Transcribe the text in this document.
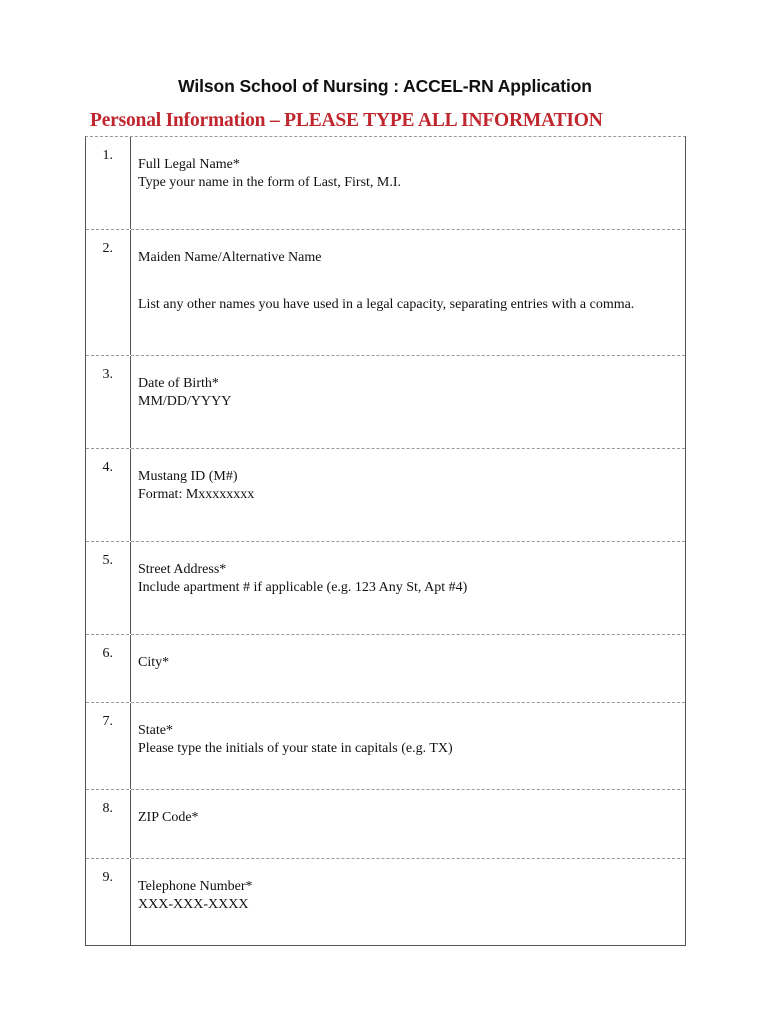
Wilson School of Nursing : ACCEL-RN Application
Personal Information – PLEASE TYPE ALL INFORMATION
1.
Full Legal Name*
Type your name in the form of Last, First, M.I.
2.
Maiden Name/Alternative Name
List any other names you have used in a legal capacity, separating entries with a comma.
3.
Date of Birth*
MM/DD/YYYY
4.
Mustang ID (M#)
Format: Mxxxxxxxx
5.
Street Address*
Include apartment # if applicable (e.g. 123 Any St, Apt #4)
6.
City*
7.
State*
Please type the initials of your state in capitals (e.g. TX)
8.
ZIP Code*
9.
Telephone Number*
XXX-XXX-XXXX
